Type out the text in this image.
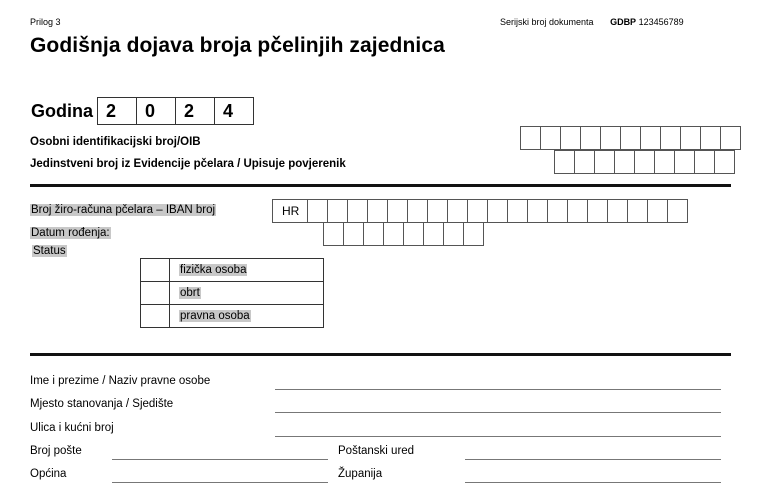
Prilog 3	Serijski broj dokumenta GDBP 123456789
Godišnja dojava broja pčelinjih zajednica
Godina 2	0	2	4
Osobni identifikacijski broj/OIB
Jedinstveni broj iz Evidencije pčelara / Upisuje povjerenik
Broj žiro-računa pčelara – IBAN broj
Datum rođenja:
Status
HR
	fizička osoba
	obrt
	pravna osoba
Ime i prezime / Naziv pravne osobe
Mjesto stanovanja / Sjedište
Ulica i kućni broj
Broj pošte	Poštanski ured
Općina	Županija
